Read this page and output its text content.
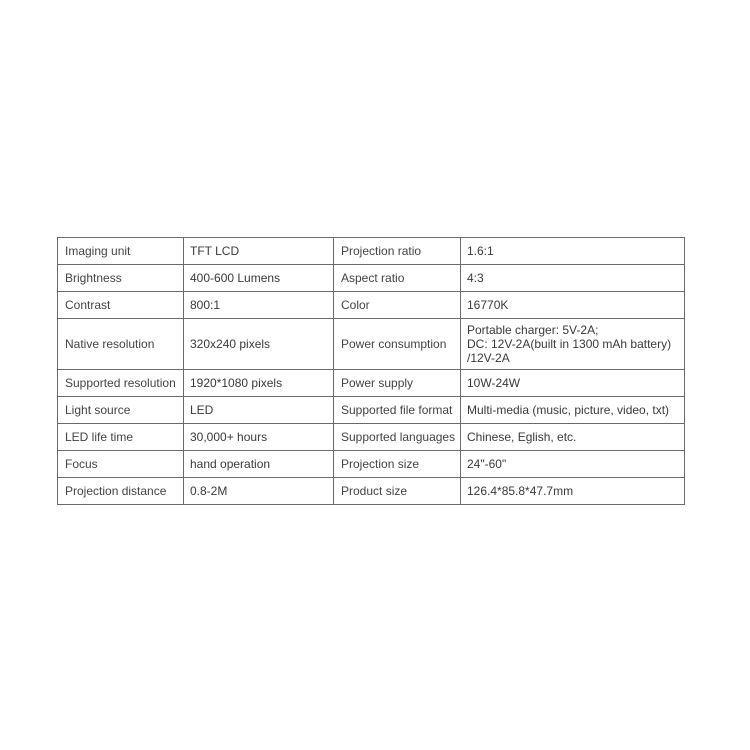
Imaging unit	TFT LCD	Projection ratio	1.6:1
Brightness	400-600 Lumens	Aspect ratio	4:3
Contrast	800:1	Color	16770K
Native resolution	320x240 pixels	Power consumption	Portable charger: 5V-2A;
DC: 12V-2A(built in 1300 mAh battery)
/12V-2A

Supported resolution	1920*1080 pixels	Power supply	10W-24W
Light source	LED	Supported file format	Multi-media (music, picture, video, txt)
LED life time	30,000+ hours	Supported languages	Chinese, Eglish, etc.
Focus	hand operation	Projection size	24"-60"
Projection distance	0.8-2M	Product size	126.4*85.8*47.7mm
